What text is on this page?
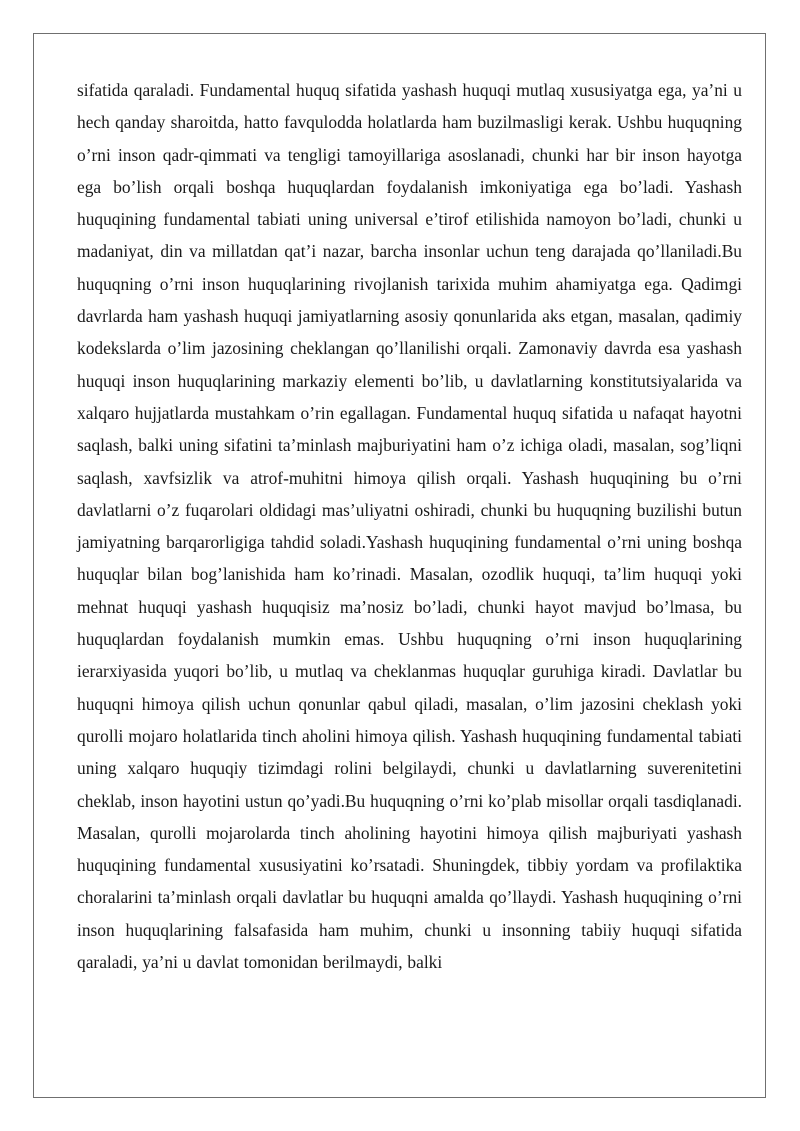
sifatida qaraladi. Fundamental huquq sifatida yashash huquqi mutlaq xususiyatga ega, ya’ni u hech qanday sharoitda, hatto favqulodda holatlarda ham buzilmasligi kerak. Ushbu huquqning o’rni inson qadr-qimmati va tengligi tamoyillariga asoslanadi, chunki har bir inson hayotga ega bo’lish orqali boshqa huquqlardan foydalanish imkoniyatiga ega bo’ladi. Yashash huquqining fundamental tabiati uning universal e’tirof etilishida namoyon bo’ladi, chunki u madaniyat, din va millatdan qat’i nazar, barcha insonlar uchun teng darajada qo’llaniladi.Bu huquqning o’rni inson huquqlarining rivojlanish tarixida muhim ahamiyatga ega. Qadimgi davrlarda ham yashash huquqi jamiyatlarning asosiy qonunlarida aks etgan, masalan, qadimiy kodekslarda o’lim jazosining cheklangan qo’llanilishi orqali. Zamonaviy davrda esa yashash huquqi inson huquqlarining markaziy elementi bo’lib, u davlatlarning konstitutsiyalarida va xalqaro hujjatlarda mustahkam o’rin egallagan. Fundamental huquq sifatida u nafaqat hayotni saqlash, balki uning sifatini ta’minlash majburiyatini ham o’z ichiga oladi, masalan, sog’liqni saqlash, xavfsizlik va atrof-muhitni himoya qilish orqali. Yashash huquqining bu o’rni davlatlarni o’z fuqarolari oldidagi mas’uliyatni oshiradi, chunki bu huquqning buzilishi butun jamiyatning barqarorligiga tahdid soladi.Yashash huquqining fundamental o’rni uning boshqa huquqlar bilan bog’lanishida ham ko’rinadi. Masalan, ozodlik huquqi, ta’lim huquqi yoki mehnat huquqi yashash huquqisiz ma’nosiz bo’ladi, chunki hayot mavjud bo’lmasa, bu huquqlardan foydalanish mumkin emas. Ushbu huquqning o’rni inson huquqlarining ierarxiyasida yuqori bo’lib, u mutlaq va cheklanmas huquqlar guruhiga kiradi. Davlatlar bu huquqni himoya qilish uchun qonunlar qabul qiladi, masalan, o’lim jazosini cheklash yoki qurolli mojaro holatlarida tinch aholini himoya qilish. Yashash huquqining fundamental tabiati uning xalqaro huquqiy tizimdagi rolini belgilaydi, chunki u davlatlarning suverenitetini cheklab, inson hayotini ustun qo’yadi.Bu huquqning o’rni ko’plab misollar orqali tasdiqlanadi. Masalan, qurolli mojarolarda tinch aholining hayotini himoya qilish majburiyati yashash huquqining fundamental xususiyatini ko’rsatadi. Shuningdek, tibbiy yordam va profilaktika choralarini ta’minlash orqali davlatlar bu huquqni amalda qo’llaydi. Yashash huquqining o’rni inson huquqlarining falsafasida ham muhim, chunki u insonning tabiiy huquqi sifatida qaraladi, ya’ni u davlat tomonidan berilmaydi, balki
